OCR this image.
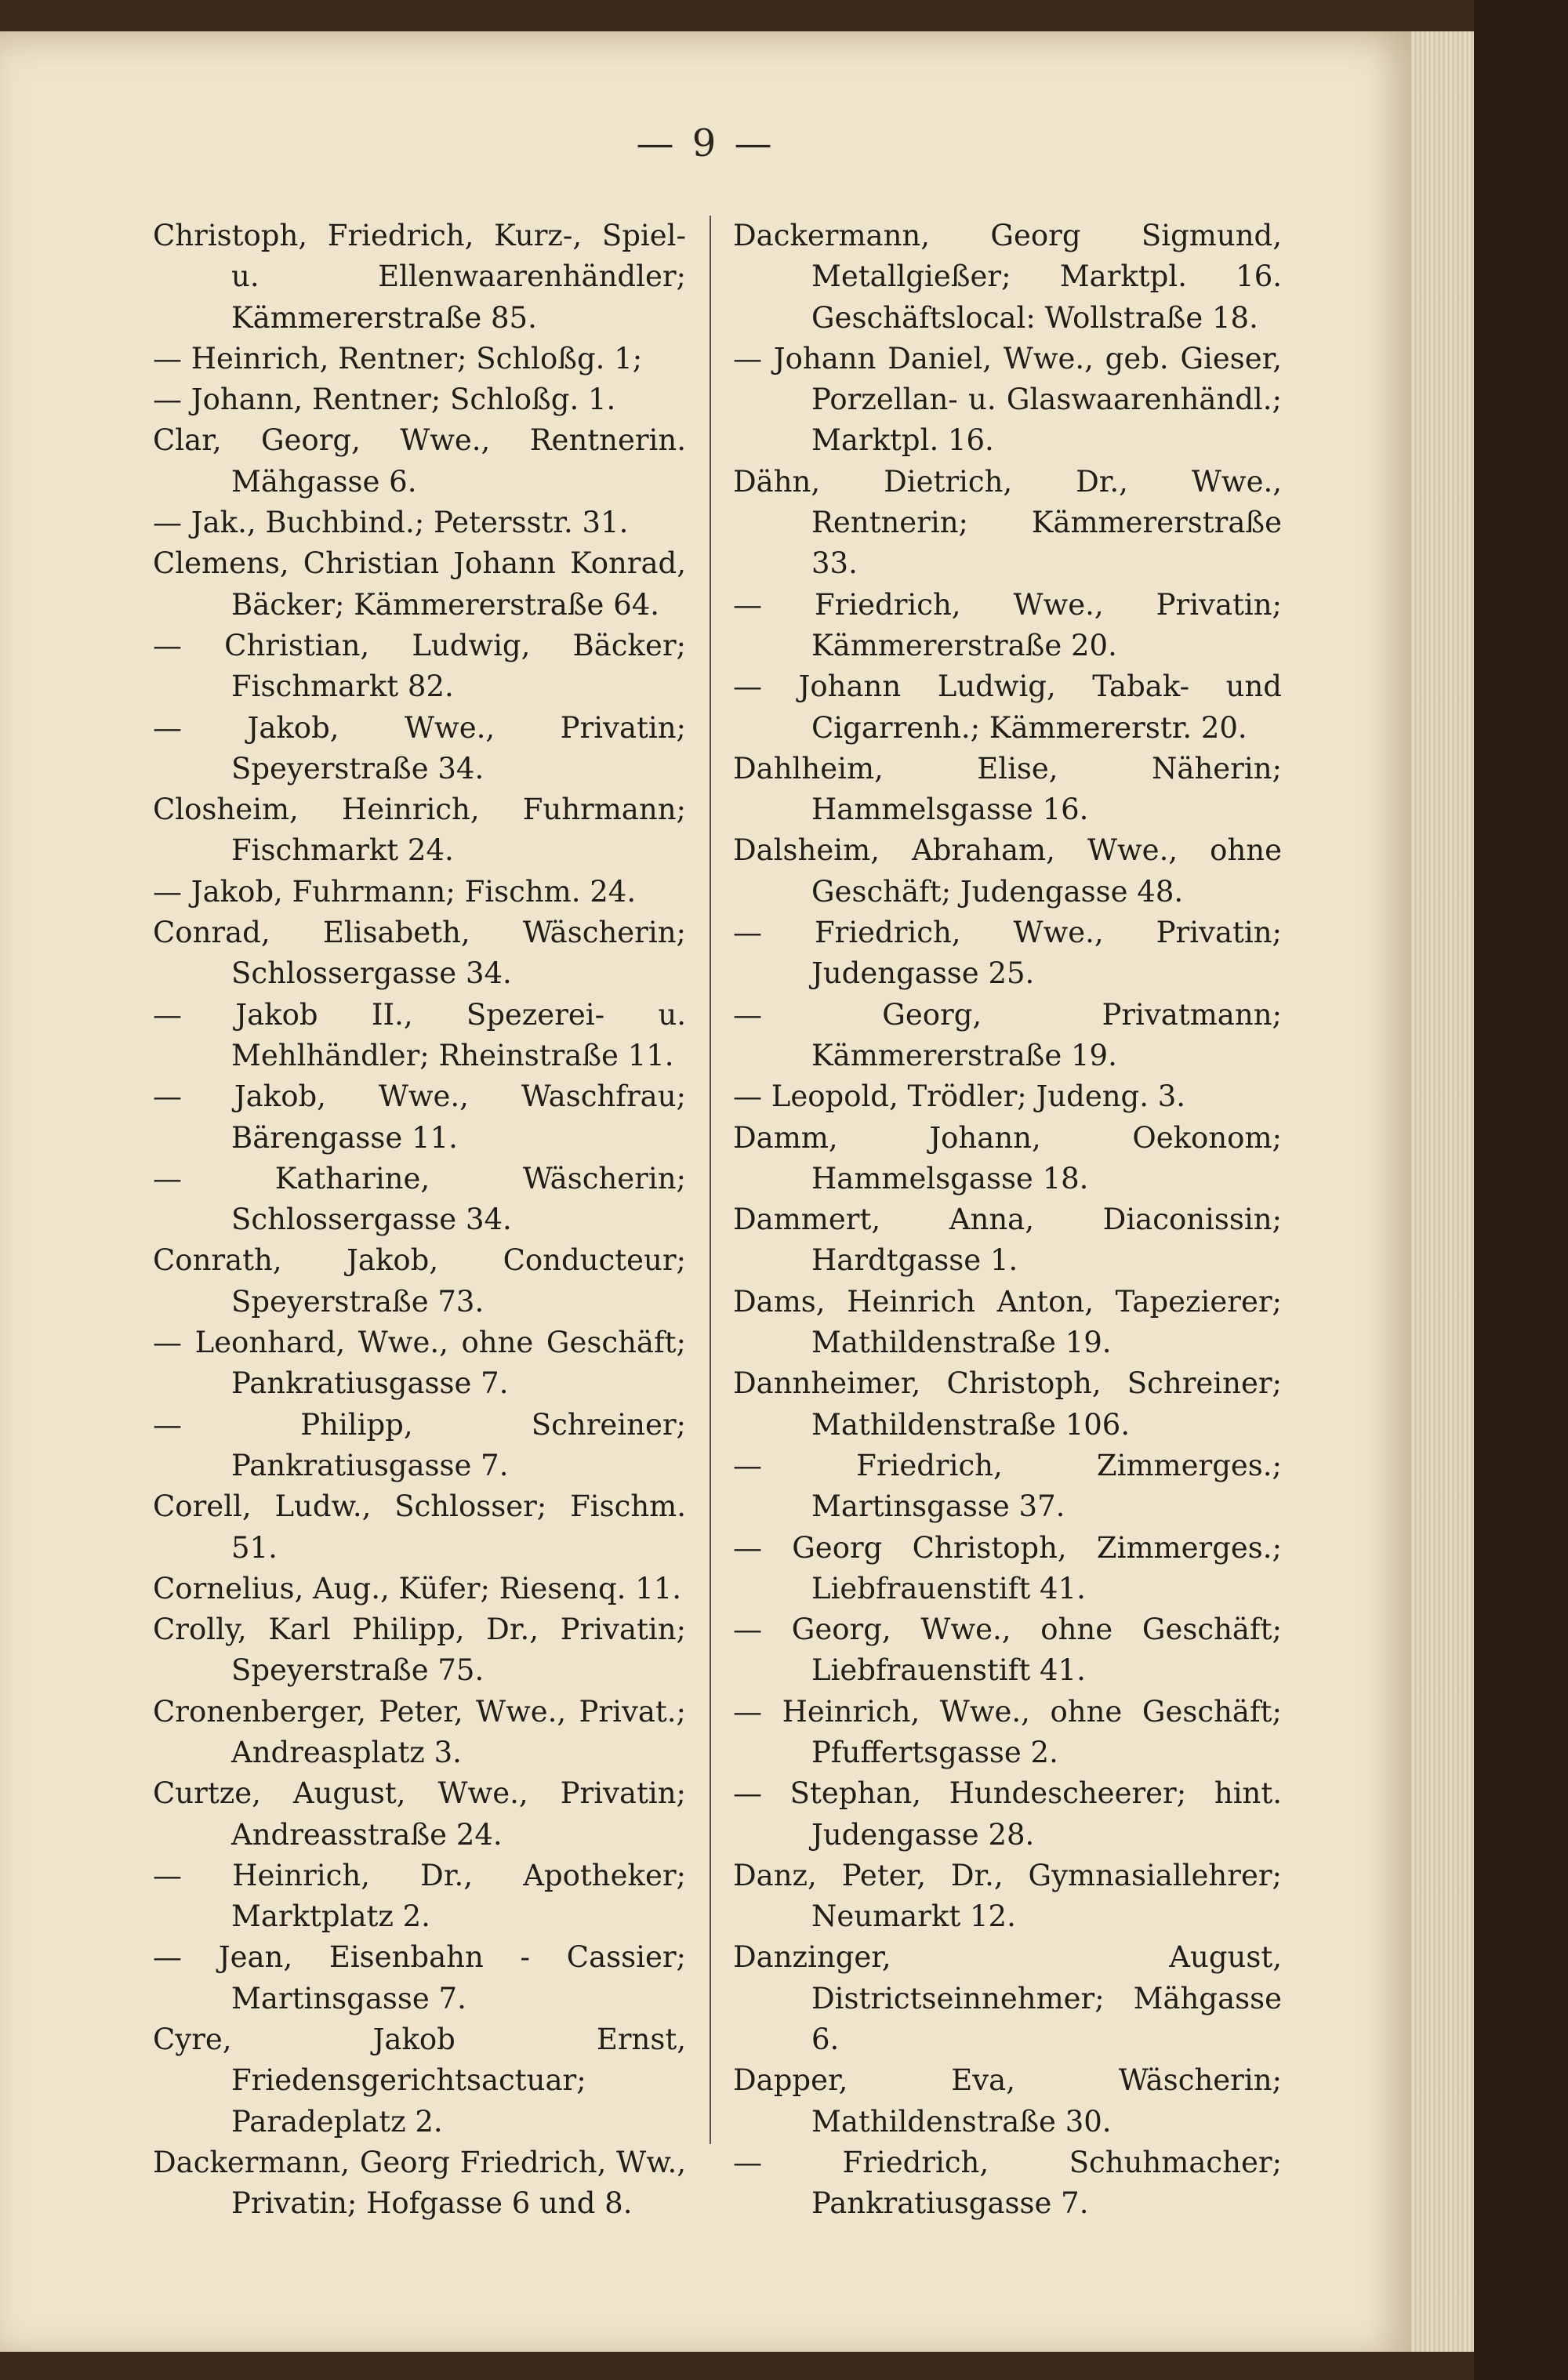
— 9 —

Christoph, Friedrich, Kurz-, Spiel- u. Ellenwaarenhändler; Kämmererstraße 85.

— Heinrich, Rentner; Schloßg. 1;

— Johann, Rentner; Schloßg. 1.

Clar, Georg, Wwe., Rentnerin. Mähgasse 6.

— Jak., Buchbind.; Petersstr. 31.

Clemens, Christian Johann Konrad, Bäcker; Kämmererstraße 64.

— Christian, Ludwig, Bäcker; Fischmarkt 82.

— Jakob, Wwe., Privatin; Speyerstraße 34.

Closheim, Heinrich, Fuhrmann; Fischmarkt 24.

— Jakob, Fuhrmann; Fischm. 24.

Conrad, Elisabeth, Wäscherin; Schlossergasse 34.

— Jakob II., Spezerei- u. Mehlhändler; Rheinstraße 11.

— Jakob, Wwe., Waschfrau; Bärengasse 11.

— Katharine, Wäscherin; Schlossergasse 34.

Conrath, Jakob, Conducteur; Speyerstraße 73.

— Leonhard, Wwe., ohne Geschäft; Pankratiusgasse 7.

— Philipp, Schreiner; Pankratiusgasse 7.

Corell, Ludw., Schlosser; Fischm. 51.

Cornelius, Aug., Küfer; Riesenq. 11.

Crolly, Karl Philipp, Dr., Privatin; Speyerstraße 75.

Cronenberger, Peter, Wwe., Privat.; Andreasplatz 3.

Curtze, August, Wwe., Privatin; Andreasstraße 24.

— Heinrich, Dr., Apotheker; Marktplatz 2.

— Jean, Eisenbahn - Cassier; Martinsgasse 7.

Cyre, Jakob Ernst, Friedensgerichtsactuar; Paradeplatz 2.

Dackermann, Georg Friedrich, Ww., Privatin; Hofgasse 6 und 8.

Dackermann, Georg Sigmund, Metallgießer; Marktpl. 16. Geschäftslocal: Wollstraße 18.

— Johann Daniel, Wwe., geb. Gieser, Porzellan- u. Glaswaarenhändl.; Marktpl. 16.

Dähn, Dietrich, Dr., Wwe., Rentnerin; Kämmererstraße 33.

— Friedrich, Wwe., Privatin; Kämmererstraße 20.

— Johann Ludwig, Tabak- und Cigarrenh.; Kämmererstr. 20.

Dahlheim, Elise, Näherin; Hammelsgasse 16.

Dalsheim, Abraham, Wwe., ohne Geschäft; Judengasse 48.

— Friedrich, Wwe., Privatin; Judengasse 25.

— Georg, Privatmann; Kämmererstraße 19.

— Leopold, Trödler; Judeng. 3.

Damm, Johann, Oekonom; Hammelsgasse 18.

Dammert, Anna, Diaconissin; Hardtgasse 1.

Dams, Heinrich Anton, Tapezierer; Mathildenstraße 19.

Dannheimer, Christoph, Schreiner; Mathildenstraße 106.

— Friedrich, Zimmerges.; Martinsgasse 37.

— Georg Christoph, Zimmerges.; Liebfrauenstift 41.

— Georg, Wwe., ohne Geschäft; Liebfrauenstift 41.

— Heinrich, Wwe., ohne Geschäft; Pfuffertsgasse 2.

— Stephan, Hundescheerer; hint. Judengasse 28.

Danz, Peter, Dr., Gymnasiallehrer; Neumarkt 12.

Danzinger, August, Districtseinnehmer; Mähgasse 6.

Dapper, Eva, Wäscherin; Mathildenstraße 30.

— Friedrich, Schuhmacher; Pankratiusgasse 7.
